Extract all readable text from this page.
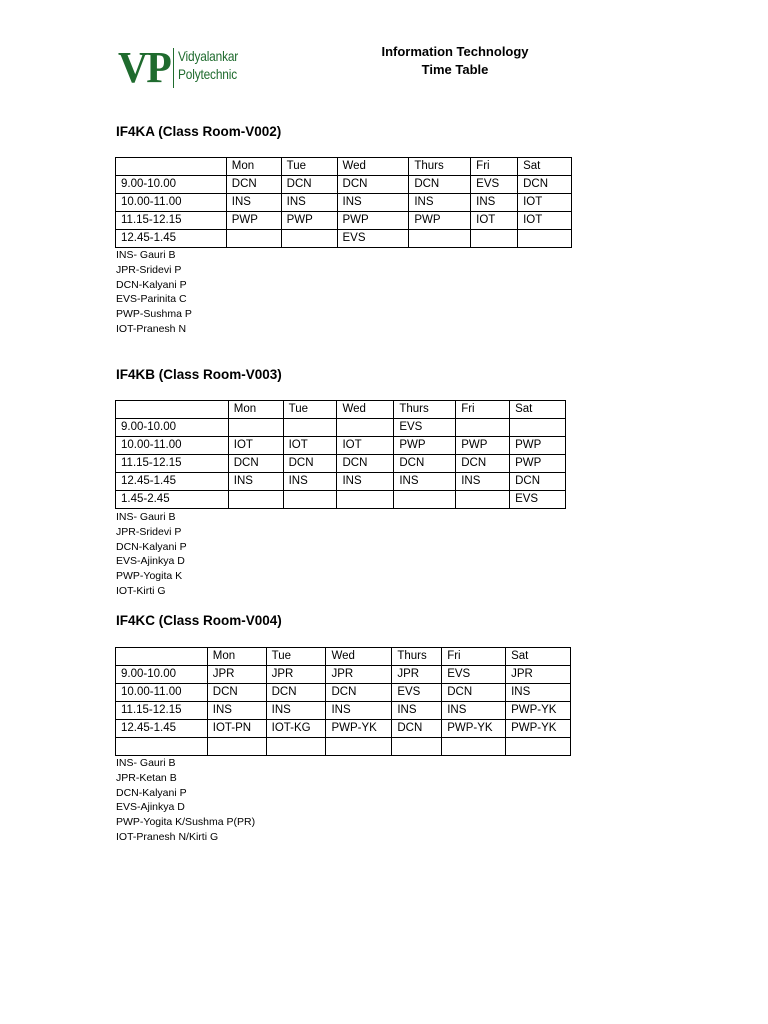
VP Vidyalankar
Polytechnic
Information Technology
Time Table
IF4KA (Class Room-V002)
	Mon	Tue	Wed	Thurs	Fri	Sat
9.00-10.00	DCN	DCN	DCN	DCN	EVS	DCN
10.00-11.00	INS	INS	INS	INS	INS	IOT
11.15-12.15	PWP	PWP	PWP	PWP	IOT	IOT
12.45-1.45			EVS			
INS- Gauri B
JPR-Sridevi P
DCN-Kalyani P
EVS-Parinita C
PWP-Sushma P
IOT-Pranesh N
IF4KB (Class Room-V003)
	Mon	Tue	Wed	Thurs	Fri	Sat
9.00-10.00				EVS		
10.00-11.00	IOT	IOT	IOT	PWP	PWP	PWP
11.15-12.15	DCN	DCN	DCN	DCN	DCN	PWP
12.45-1.45	INS	INS	INS	INS	INS	DCN
1.45-2.45						EVS
INS- Gauri B
JPR-Sridevi P
DCN-Kalyani P
EVS-Ajinkya D
PWP-Yogita K
IOT-Kirti G
IF4KC (Class Room-V004)
	Mon	Tue	Wed	Thurs	Fri	Sat
9.00-10.00	JPR	JPR	JPR	JPR	EVS	JPR
10.00-11.00	DCN	DCN	DCN	EVS	DCN	INS
11.15-12.15	INS	INS	INS	INS	INS	PWP-YK
12.45-1.45	IOT-PN	IOT-KG	PWP-YK	DCN	PWP-YK	PWP-YK

INS- Gauri B
JPR-Ketan B
DCN-Kalyani P
EVS-Ajinkya D
PWP-Yogita K/Sushma P(PR)
IOT-Pranesh N/Kirti G
